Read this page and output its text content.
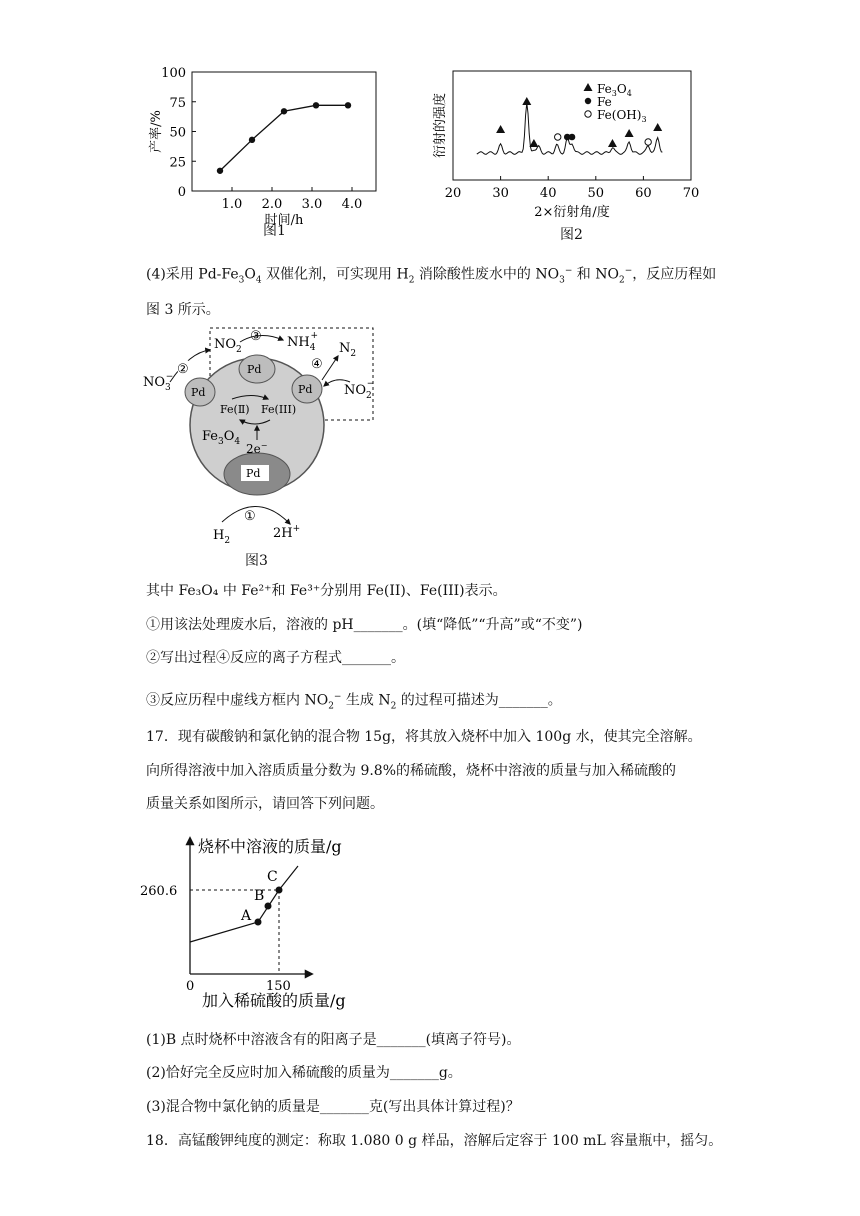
0
25
50
75
100
1.0 2.0 3.0 4.0
时间/h
产率/%
图1
20 30 40 50 60 70
2×衍射角/度
衍射的强度
$Fe_3O_4$
Fe
$Fe(OH)_3$
图2
(4)采用 $Pd-Fe_3O_4$ 双催化剂，可实现用 $H_2$ 消除酸性废水中的 $NO_3^-$ 和 $NO_2^-$，反应历程如
图 3 所示。
Pd
Pd	Pd
Pd
Fe(Ⅱ) Fe(III)
2e−
$Fe_3O_4$
$NO_3-$ ②
$NO_2$
③ $NH_4+$
④
$N_2$
$NO_2-$
①
$H_2$	2H+
图3
其中 Fe₃O₄ 中 Fe²⁺和 Fe³⁺分别用 Fe(II)、Fe(III)表示。
①用该法处理废水后，溶液的 pH_______。(填“降低”“升高”或“不变”)
②写出过程④反应的离子方程式_______。
③反应历程中虚线方框内 $NO_2^-$ 生成 $N_2$ 的过程可描述为_______。
17．现有碳酸钠和氯化钠的混合物 15g，将其放入烧杯中加入 100g 水，使其完全溶解。
向所得溶液中加入溶质质量分数为 9.8%的稀硫酸，烧杯中溶液的质量与加入稀硫酸的
质量关系如图所示，请回答下列问题。
烧杯中溶液的质量/g
加入稀硫酸的质量/g
0	150
260.6
A
B
C
(1)B 点时烧杯中溶液含有的阳离子是_______(填离子符号)。
(2)恰好完全反应时加入稀硫酸的质量为_______g。
(3)混合物中氯化钠的质量是_______克(写出具体计算过程)？
18．高锰酸钾纯度的测定：称取 1.080 0 g 样品，溶解后定容于 100 mL 容量瓶中，摇匀。
